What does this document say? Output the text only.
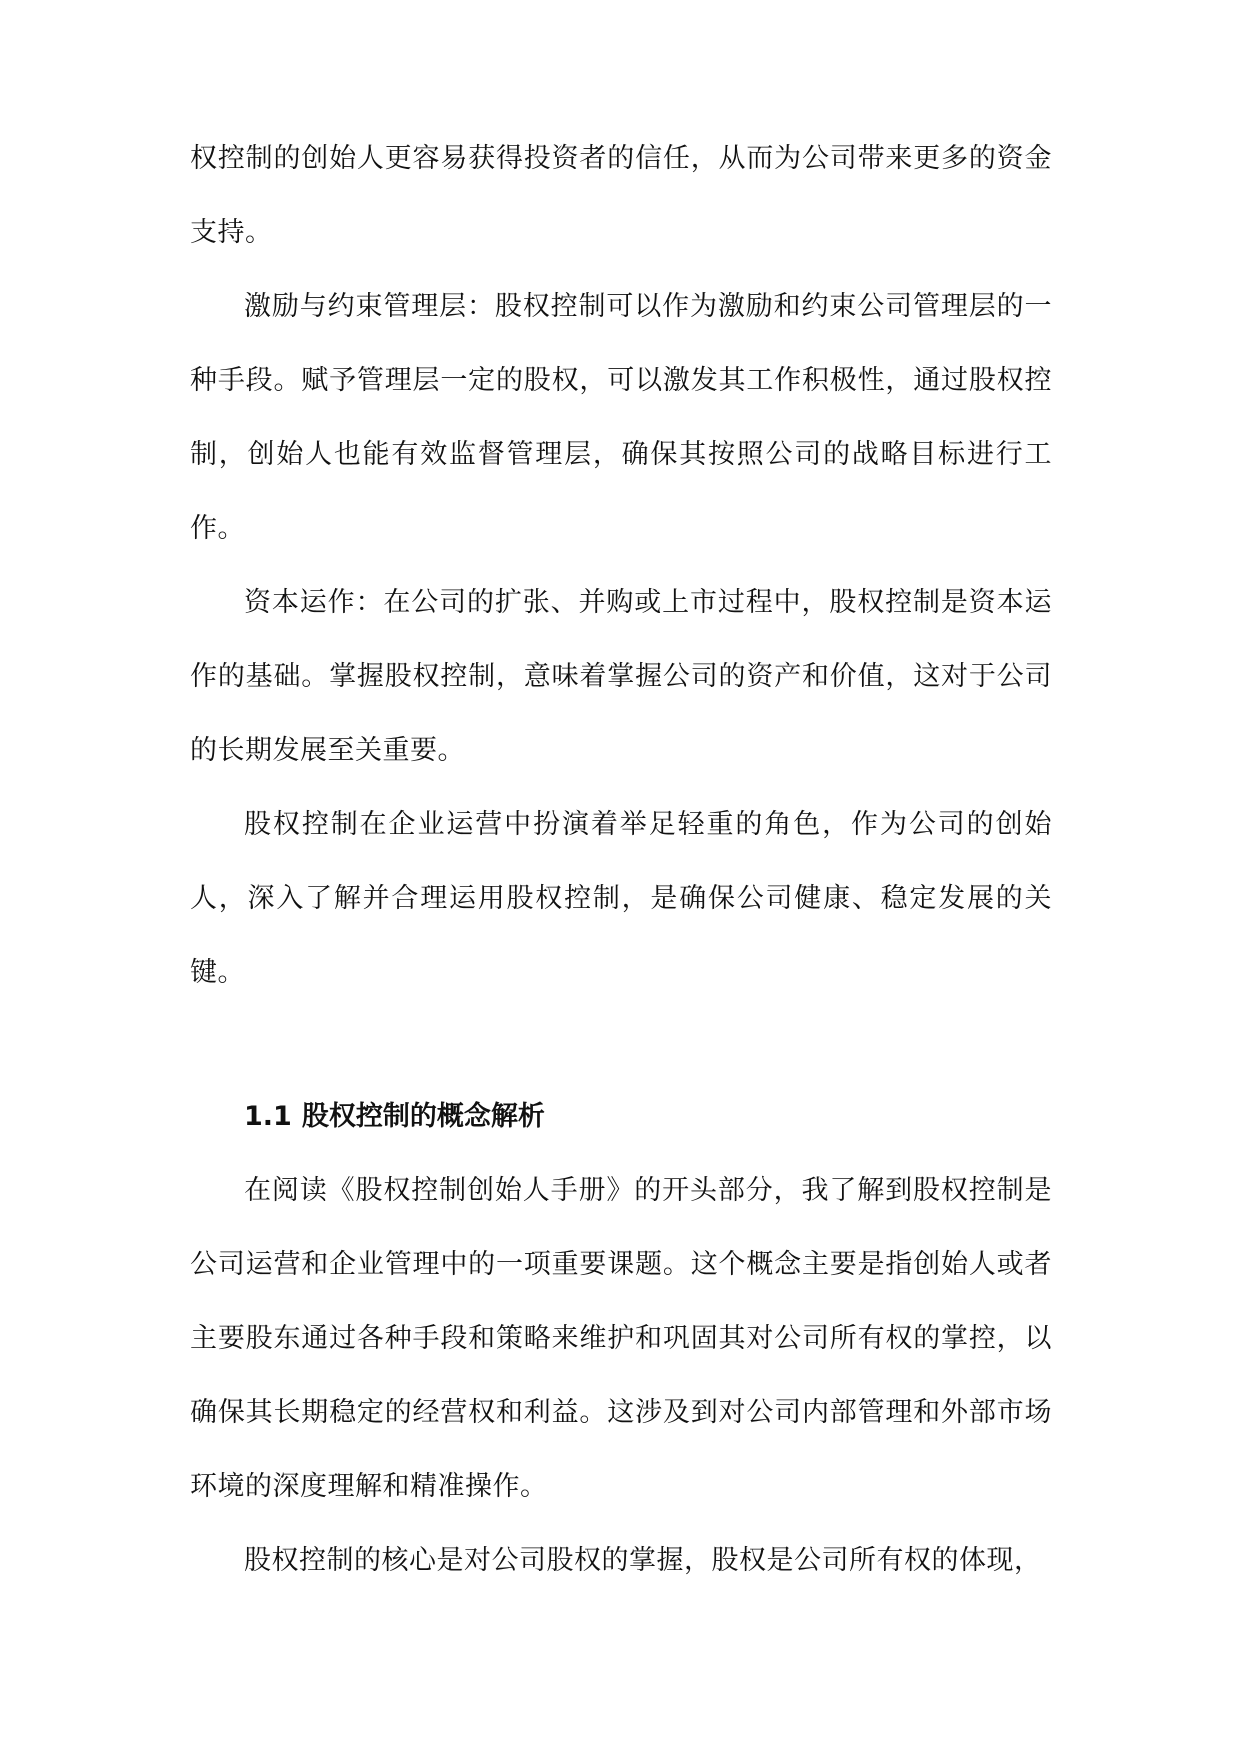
权控制的创始人更容易获得投资者的信任，从而为公司带来更多的资金支持。

激励与约束管理层：股权控制可以作为激励和约束公司管理层的一种手段。赋予管理层一定的股权，可以激发其工作积极性，通过股权控制，创始人也能有效监督管理层，确保其按照公司的战略目标进行工作。

资本运作：在公司的扩张、并购或上市过程中，股权控制是资本运作的基础。掌握股权控制，意味着掌握公司的资产和价值，这对于公司的长期发展至关重要。

股权控制在企业运营中扮演着举足轻重的角色，作为公司的创始人，深入了解并合理运用股权控制，是确保公司健康、稳定发展的关键。

1.1 股权控制的概念解析

在阅读《股权控制创始人手册》的开头部分，我了解到股权控制是公司运营和企业管理中的一项重要课题。这个概念主要是指创始人或者主要股东通过各种手段和策略来维护和巩固其对公司所有权的掌控，以确保其长期稳定的经营权和利益。这涉及到对公司内部管理和外部市场环境的深度理解和精准操作。

股权控制的核心是对公司股权的掌握，股权是公司所有权的体现，
